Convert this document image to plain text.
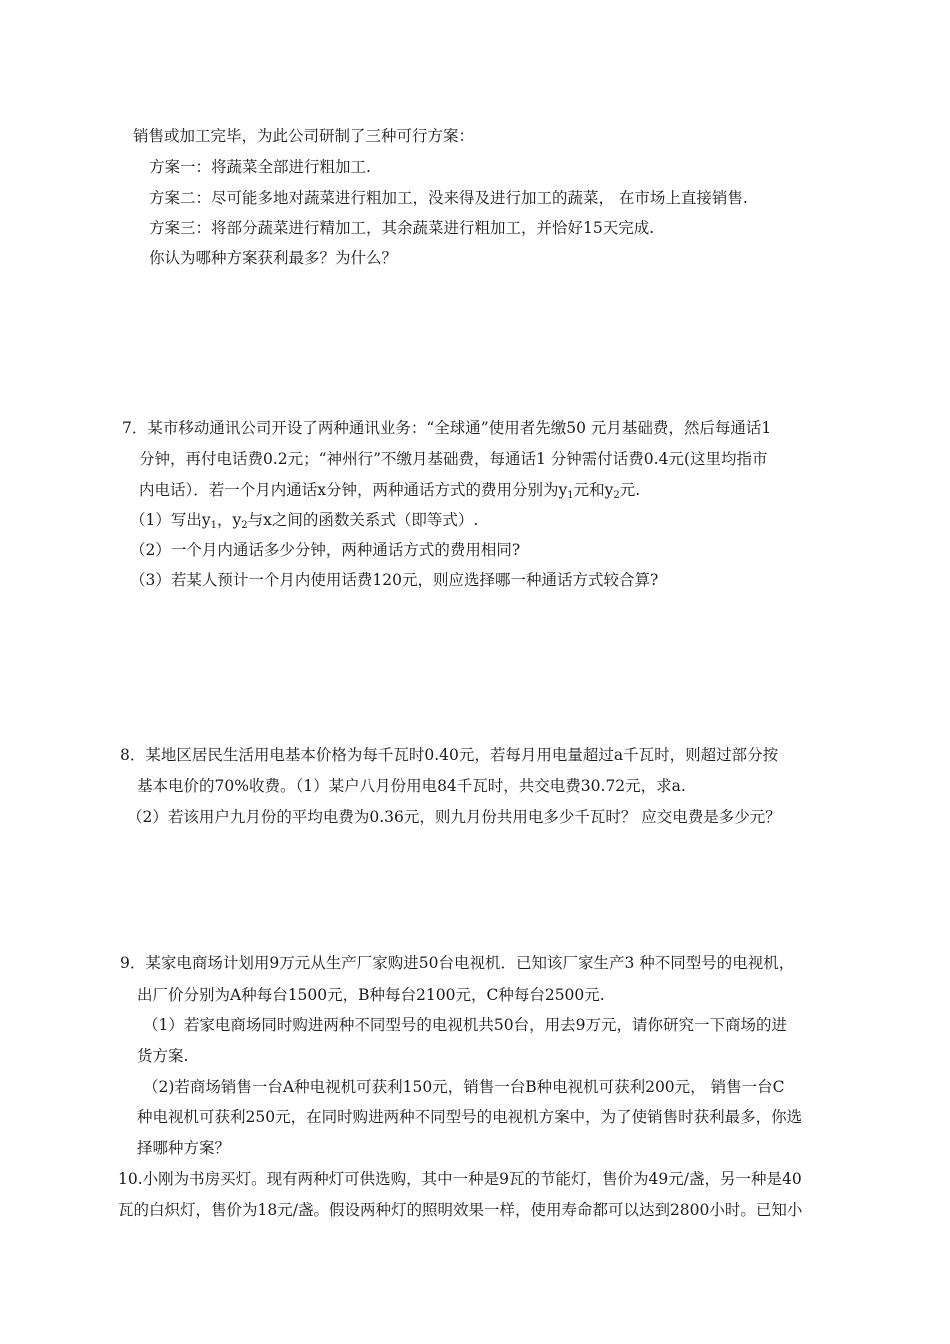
销售或加工完毕，为此公司研制了三种可行方案：
方案一：将蔬菜全部进行粗加工.
方案二：尽可能多地对蔬菜进行粗加工，没来得及进行加工的蔬菜， 在市场上直接销售.
方案三：将部分蔬菜进行精加工，其余蔬菜进行粗加工，并恰好15天完成.
你认为哪种方案获利最多？为什么？
7．某市移动通讯公司开设了两种通讯业务：“全球通”使用者先缴50 元月基础费，然后每通话1
分钟，再付电话费0.2元；“神州行”不缴月基础费，每通话1 分钟需付话费0.4元(这里均指市
内电话）．若一个月内通话x分钟，两种通话方式的费用分别为$y_1$元和$y_2$元.
（1）写出$y_1$，$y_2$与x之间的函数关系式（即等式）.
（2）一个月内通话多少分钟，两种通话方式的费用相同?
（3）若某人预计一个月内使用话费120元，则应选择哪一种通话方式较合算?
8．某地区居民生活用电基本价格为每千瓦时0.40元，若每月用电量超过a千瓦时，则超过部分按
基本电价的70%收费。（1）某户八月份用电84千瓦时，共交电费30.72元，求a.
（2）若该用户九月份的平均电费为0.36元，则九月份共用电多少千瓦时？ 应交电费是多少元？
9．某家电商场计划用9万元从生产厂家购进50台电视机．已知该厂家生产3 种不同型号的电视机，
出厂价分别为A种每台1500元，B种每台2100元，C种每台2500元.
（1）若家电商场同时购进两种不同型号的电视机共50台，用去9万元，请你研究一下商场的进
货方案.
（2)若商场销售一台A种电视机可获利150元，销售一台B种电视机可获利200元， 销售一台C
种电视机可获利250元，在同时购进两种不同型号的电视机方案中，为了使销售时获利最多，你选
择哪种方案？
10.小刚为书房买灯。现有两种灯可供选购，其中一种是9瓦的节能灯，售价为49元/盏，另一种是40
瓦的白炽灯，售价为18元/盏。假设两种灯的照明效果一样，使用寿命都可以达到2800小时。已知小
